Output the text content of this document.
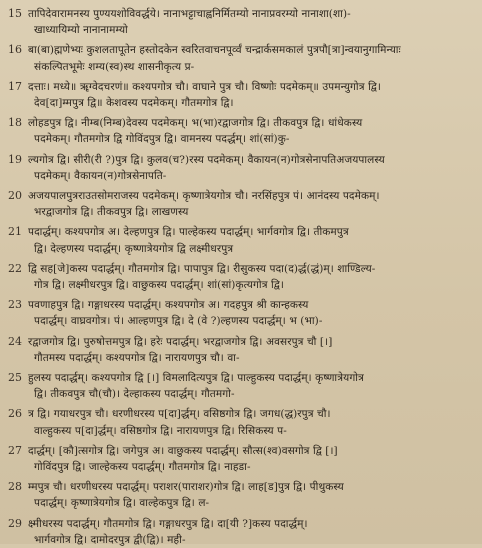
15 तापिदेवारामनस्य पुण्ययशोविवर्द्धये। नानाभट्टाचाह्वनिर्मितम्यो नानाप्रवरम्यो नानाशा(शा)-
खाध्यायिम्यो नानानामम्यो
16 बा(बा)ह्मणेभ्यः कुशलतापूतेन हस्तोदकेन स्वरितवाचनपूर्व्वं चन्द्रार्कसमकालं पुत्रपौ[त्रा]न्वयानुगामिन्याः
संकल्पितभूमेः शम्य(स्व)स्थ शासनीकृत्य प्र-
17 दत्ताः। मध्ये॥ ॠग्वेदचरणं॥ कश्यपगोत्र चौ। वाघाने पुत्र चौ। विष्णोः पदमेकम्॥ उपमन्युगोत्र द्वि।
देव[दा]म्मपुत्र द्वि॥ केशवस्य पदमेकम्। गौतमगोत्र द्वि।
18 लोहडपुत्र द्वि। नीम्ब(निम्ब)देवस्य पदमेकम्। भ(भा)रद्वाजगोत्र द्वि। तीकवपुत्र द्वि। धांधेकस्य
पदमेकम्। गौतमगोत्र द्वि गोविंदपुत्र द्वि। वामनस्य पदर्द्धम्। शां(सां)कु-
19 ल्यगोत्र द्वि। सीरी(री ?)पुत्र द्वि। कुलव(च?)रस्य पदमेकम्। वैकायन(न)गोत्रसेनापतिअजयपालस्य
पदमेकम्। वैकायन(न)गोत्रसेनापति-
20 अजयपालपुत्रराउतसोमराजस्य पदमेकम्। कृष्णात्रेयगोत्र चौ। नरसिंहपुत्र पं। आनंदस्य पदमेकम्।
भरद्वाजगोत्र द्वि। तीकवपुत्र द्वि। लाखणस्य
21 पदार्द्धम्। कश्यपगोत्र अ। देल्हणपुत्र द्वि। पाल्हेकस्य पदार्द्धम्। भार्गवगोत्र द्वि। तीकमपुत्र
द्वि। देल्हणस्य पदार्द्धम्। कृष्णात्रेयगोत्र द्वि लक्ष्मीधरपुत्र
22 द्वि सह[जे]कस्य पदार्द्धम्। गौतमगोत्र द्वि। पापापुत्र द्वि। रीसुकस्य पदा(द)र्द्ध(द्धं)म्। शाण्डिल्य-
गोत्र द्वि। लक्ष्मीधरपुत्र द्वि। वाछुकस्य पदार्द्धम्। शां(सां)कृत्यगोत्र द्वि।
23 पवणाहपुत्र द्वि। गङ्गाधरस्य पदार्द्धम्। कश्यपगोत्र अ। गदहपुत्र श्री कान्हकस्य
पदार्द्धम्। वाघ्रवगोत्र। पं। आल्हणपुत्र द्वि। दे (वे ?)ल्हणस्य पदार्द्धम्। भ (भा)-
24 रद्वाजगोत्र द्वि। पुरुषोत्तमपुत्र द्वि। हरेः पदार्द्धम्। भरद्वाजगोत्र द्वि। अवसरपुत्र चौ [।]
गौतमस्य पदार्द्धम्। कश्यपगोत्र द्वि। नारायणपुत्र चौ। वा-
25 हुलस्य पदार्द्धम्। कश्यपगोत्र द्वि [।] विमलादित्यपुत्र द्वि। पाल्हुकस्य पदार्द्धम्। कृष्णात्रेयगोत्र
द्वि। तीकवपुत्र चौ(चौ)। देल्हाकस्य पदार्द्धम्। गौतमगो-
26 त्र द्वि। गयाधरपुत्र चौ। धरणीधरस्य प[दा]र्द्धम्। वसिष्ठगोत्र द्वि। जगध(द्ध)रपुत्र चौ।
वाल्हुकस्य प[दा]र्द्धम्। वसिष्ठगोत्र द्वि। नारायणपुत्र द्वि। रिसिकस्य प-
27 दार्द्धम्। [कौ]त्सगोत्र द्वि। जगेपुत्र अ। वाछुकस्य पदार्द्धम्। सौत्स(श्व)वसगोत्र द्वि [।]
गोविंदपुत्र द्वि। जाल्हेकस्य पदार्द्धम्। गौतमगोत्र द्वि। नाहडा-
28 म्मपुत्र चौ। धरणीधरस्य पदार्द्धम्। पराशर(पाराशर)गोत्र द्वि। लाह[ड]पुत्र द्वि। पीथुकस्य
पदार्द्धम्। कृष्णात्रेयगोत्र द्वि। वाल्हेकपुत्र द्वि। ल-
29 क्ष्मीधरस्य पदार्द्धम्। गौतमगोत्र द्वि। गङ्गाधरपुत्र द्वि। दा[यी ?]कस्य पदार्द्धम्।
भार्गवगोत्र द्वि। दामोदरपुत्र द्वी(द्वि)। मही-
